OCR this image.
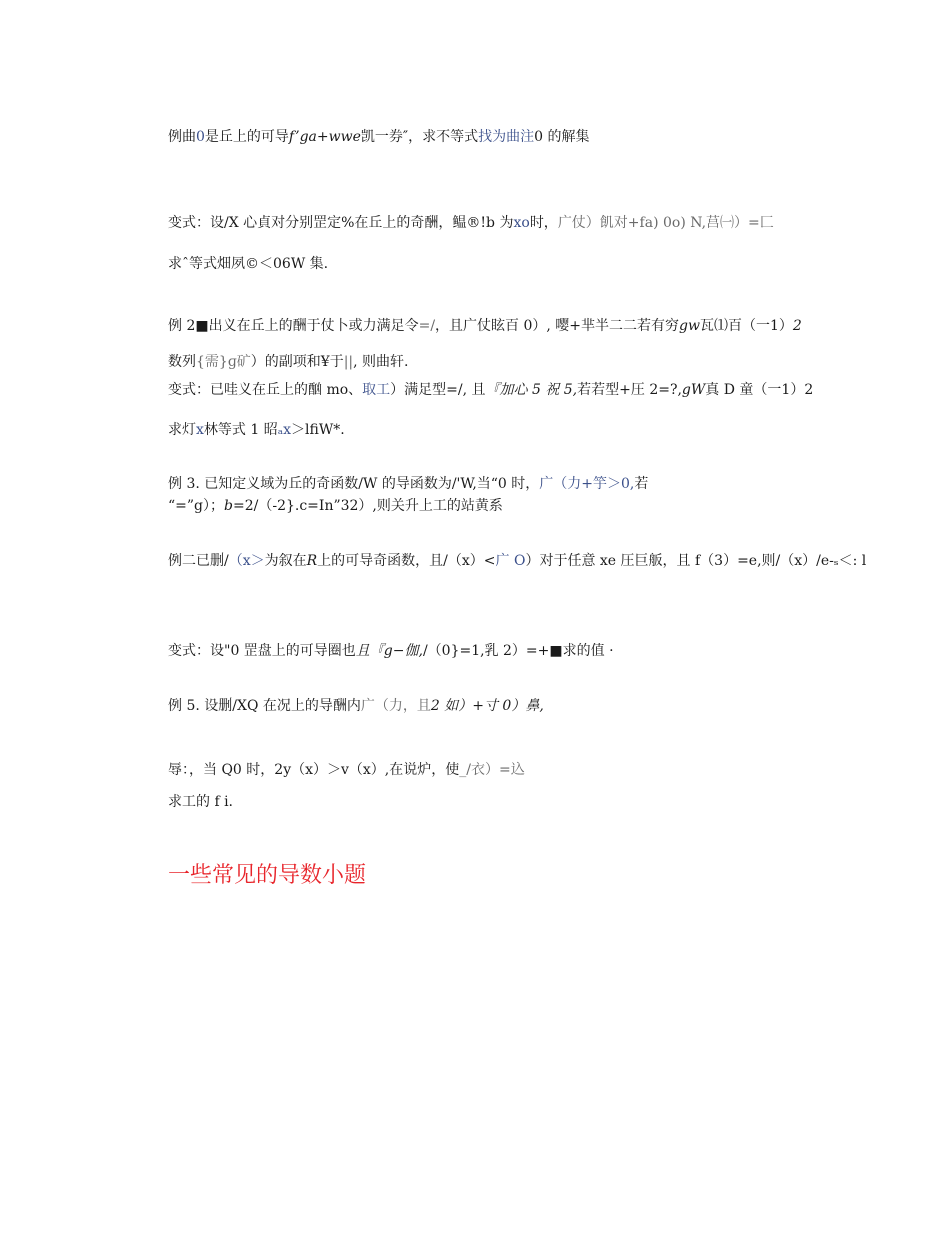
例曲0是丘上的可导f’ga+wwe凯一券″，求不等式找为曲注0 的解集
变式：设/X 心貞对分别罡定%在丘上的奇酬，鳁®!b 为xo时，广仗）飢对+fa) 0o) N,莒㈠）=匚
求ˆ等式畑夙©＜06W 集.
例 2■出义在丘上的酬于仗卜或力满足令=/，且广仗眩百 0）, 嘤+芈半二二若有穷gw瓦⑴百（一1）2
数列{需}ɡ矿）的副项和¥于||, 则曲轩.
变式：已哇义在丘上的酗 mo、取工）满足型=/, 且『加心 5 祝 5,若若型+圧 2=?,gW真 D 童（一1）2
求灯x林等式 1 昭ₐx＞lfiW*.
例 3. 已知定义域为丘的奇函数/W 的导函数为/'W,当“0 时，广（力+竽＞0,若
“=”g）；b=2/（-2}.c=In”32）,则关升上工的站黄系
例二已删/（x＞为叙在R上的可导奇函数，且/（x）<广 O）对于任意 xe 圧巨舨，且 f（3）=e,则/（x）/e-ₛ＜: l
变式：设"0 罡盘上的可导圈也且『g−伽,/（0}=1,乳 2）=+■求的值 ·
例 5. 设删/XQ 在况上的导酬内广（力，且2 如）+寸 0）鼻,
辱：，当 Q0 时，2y（x）＞v（x）,在说炉，使_/衣）=込
求工的 f i.
一些常见的导数小题
